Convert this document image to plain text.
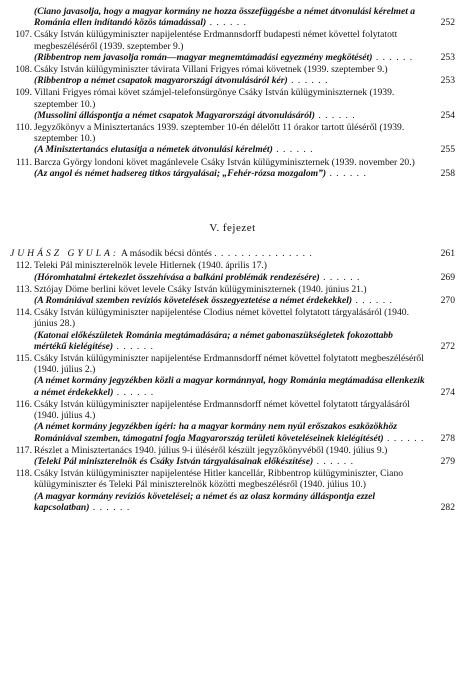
(Ciano javasolja, hogy a magyar kormány ne hozza összefüggésbe a német átvonulási kérelmet a Románia ellen indítandó közös támadással) . . . . . .	252
107. Csáky István külügyminiszter napijelentése Erdmannsdorff budapesti német követtel folytatott megbeszéléséről (1939. szeptember 9.)
(Ribbentrop nem javasolja román—magyar megnemtámadási egyezmény megkötését) . . . . . .	253
108. Csáky István külügyminiszter távirata Villani Frigyes római követnek (1939. szeptember 9.)
(Ribbentrop a német csapatok magyarországi átvonulásáról kér) . . . . . .	253
109. Villani Frigyes római követ számjel-telefonsürgönye Csáky István külügyminiszternek (1939. szeptember 10.)
(Mussolini álláspontja a német csapatok Magyarországi átvonulásáról) . . . . . .	254
110. Jegyzőkönyv a Minisztertanács 1939. szeptember 10-én délelőtt 11 órakor tartott üléséről (1939. szeptember 10.)
(A Minisztertanács elutasítja a németek átvonulási kérelmét) . . . . . .	255
111. Barcza György londoni követ magánlevele Csáky István külügyminiszternek (1939. november 20.)
(Az angol és német hadsereg titkos tárgyalásai; „Fehér-rózsa mozgalom”) . . . . . .	258
V. fejezet
JUHÁSZ GYULA: A második bécsi döntés . . . . . . . . . . . . . . .	261
112. Teleki Pál miniszterelnök levele Hitlernek (1940. április 17.)
(Hóromhatalmi értekezlet összehívása a balkáni problémák rendezésére) . . . . . .	269
113. Sztójay Döme berlini követ levele Csáky István külügyminiszternek (1940. június 21.)
(A Romániával szemben revíziós követelések összegyeztetése a német érdekekkel) . . . . . .	270
114. Csáky István külügyminiszter napijelentése Clodius német követtel folytatott tárgyalásáról (1940. június 28.)
(Katonai előkészületek Románia megtámadására; a német gabonaszükségletek fokozottabb mértékű kielégítése) . . . . . .	272
115. Csáky István külügyminiszter napijelentése Erdmannsdorff német követtel folytatott megbeszéléséről (1940. július 2.)
(A német kormány jegyzékben közli a magyar kormánnyal, hogy Románia megtámadása ellenkezik a német érdekekkel) . . . . . .	274
116. Csáky István külügyminiszter napijelentése Erdmannsdorff német követtel folytatott tárgyalásáról (1940. július 4.)
(A német kormány jegyzékben ígéri: ha a magyar kormány nem nyúl erőszakos eszközökhöz Romániával szemben, támogatni fogja Magyarország területi követeléseinek kielégítését) . . . . . .	278
117. Részlet a Minisztertanács 1940. július 9-i üléséről készült jegyzőkönyvéből (1940. július 9.)
(Teleki Pál miniszterelnök és Csáky István tárgyalásainak előkészítése) . . . . . .	279
118. Csáky István külügyminiszter napijelentése Hitler kancellár, Ribbentrop külügyminiszter, Ciano külügyminiszter és Teleki Pál miniszterelnök közötti megbeszélésről (1940. július 10.)
(A magyar kormány revíziós követelései; a német és az olasz kormány álláspontja ezzel kapcsolatban) . . . . . .	282
